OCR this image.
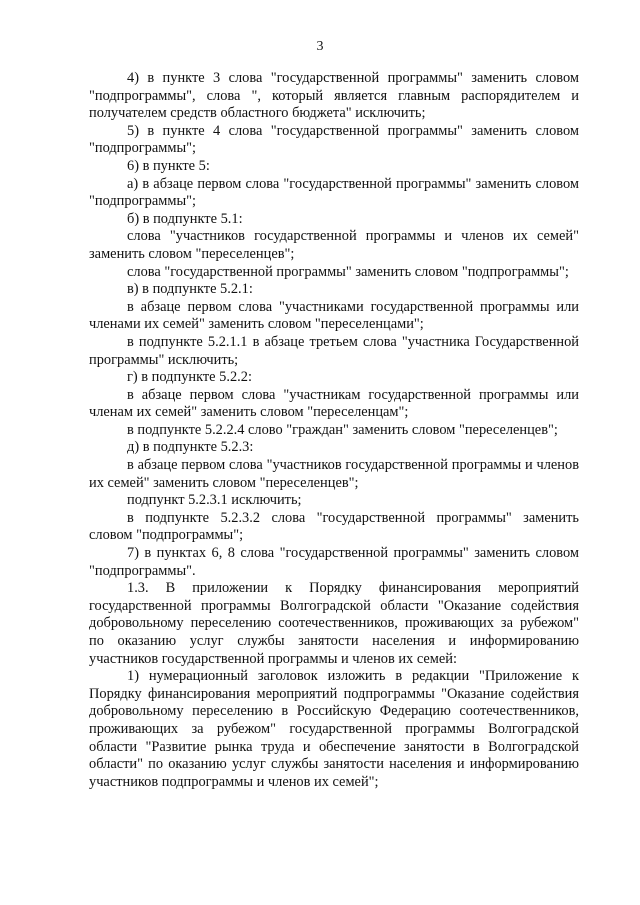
3

4) в пункте 3 слова "государственной программы" заменить словом "подпрограммы", слова ", который является главным распорядителем и получателем средств областного бюджета" исключить;

5) в пункте 4 слова "государственной программы" заменить словом "подпрограммы";

6) в пункте 5:

а) в абзаце первом слова "государственной программы" заменить словом "подпрограммы";

б) в подпункте 5.1:

слова "участников государственной программы и членов их семей" заменить словом "переселенцев";

слова "государственной программы" заменить словом "подпрограммы";

в) в подпункте 5.2.1:

в абзаце первом слова "участниками государственной программы или членами их семей" заменить словом "переселенцами";

в подпункте 5.2.1.1 в абзаце третьем слова "участника Государственной программы" исключить;

г) в подпункте 5.2.2:

в абзаце первом слова "участникам государственной программы или членам их семей" заменить словом "переселенцам";

в подпункте 5.2.2.4 слово "граждан" заменить словом "переселенцев";

д) в подпункте 5.2.3:

в абзаце первом слова "участников государственной программы и членов их семей" заменить словом "переселенцев";

подпункт 5.2.3.1 исключить;

в подпункте 5.2.3.2 слова "государственной программы" заменить словом "подпрограммы";

7) в пунктах 6, 8 слова "государственной программы" заменить словом "подпрограммы".

1.3. В приложении к Порядку финансирования мероприятий государственной программы Волгоградской области "Оказание содействия добровольному переселению соотечественников, проживающих за рубежом" по оказанию услуг службы занятости населения и информированию участников государственной программы и членов их семей:

1) нумерационный заголовок изложить в редакции "Приложение к Порядку финансирования мероприятий подпрограммы "Оказание содействия добровольному переселению в Российскую Федерацию соотечественников, проживающих за рубежом" государственной программы Волгоградской области "Развитие рынка труда и обеспечение занятости в Волгоградской области" по оказанию услуг службы занятости населения и информированию участников подпрограммы и членов их семей";
